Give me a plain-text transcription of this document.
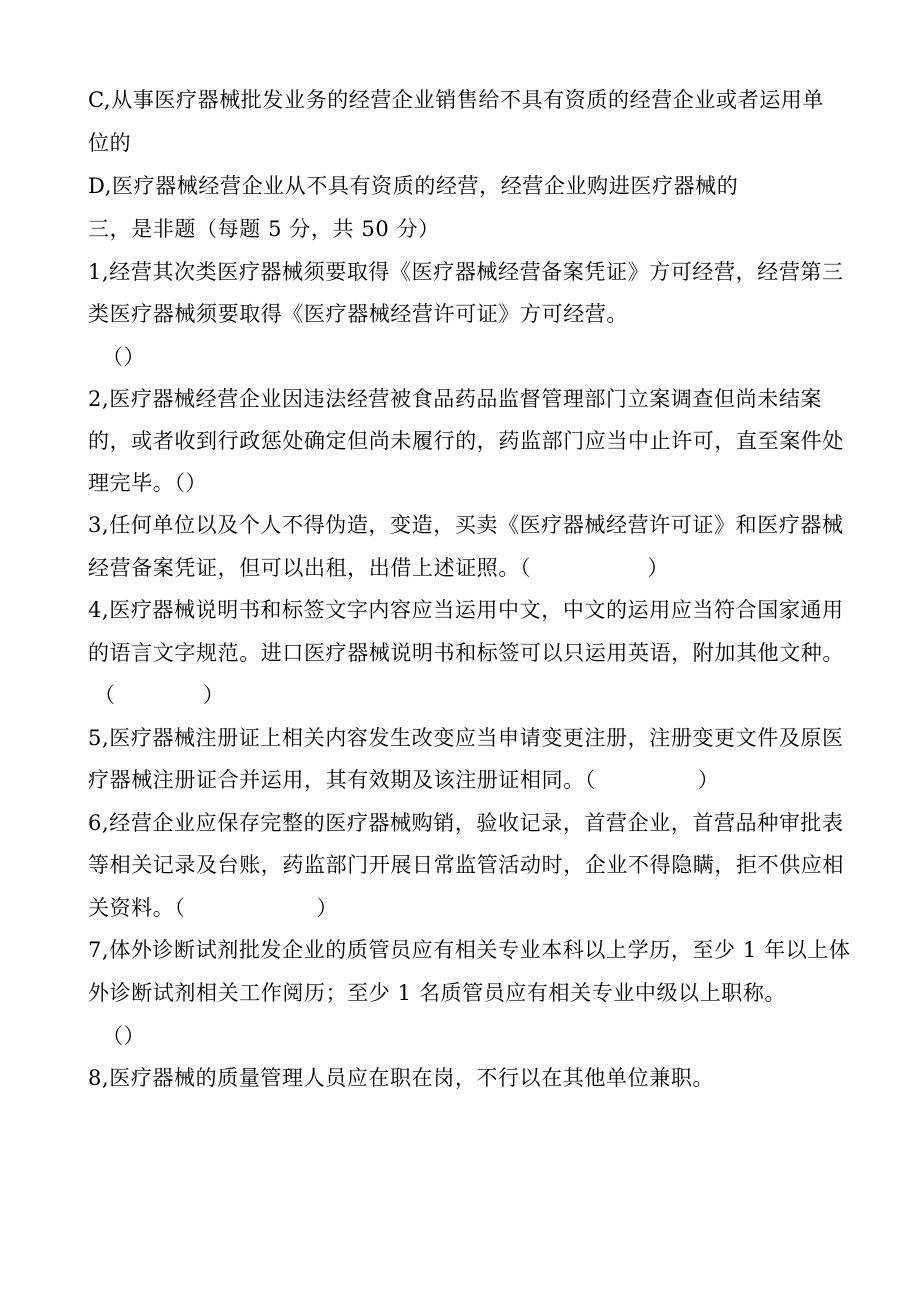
C,从事医疗器械批发业务的经营企业销售给不具有资质的经营企业或者运用单
位的
D,医疗器械经营企业从不具有资质的经营，经营企业购进医疗器械的
三，是非题（每题 5 分，共 50 分）
1,经营其次类医疗器械须要取得《医疗器械经营备案凭证》方可经营，经营第三
类医疗器械须要取得《医疗器械经营许可证》方可经营。
（）
2,医疗器械经营企业因违法经营被食品药品监督管理部门立案调查但尚未结案
的，或者收到行政惩处确定但尚未履行的，药监部门应当中止许可，直至案件处
理完毕。（）
3,任何单位以及个人不得伪造，变造，买卖《医疗器械经营许可证》和医疗器械
经营备案凭证，但可以出租，出借上述证照。（                ）
4,医疗器械说明书和标签文字内容应当运用中文，中文的运用应当符合国家通用
的语言文字规范。进口医疗器械说明书和标签可以只运用英语，附加其他文种。
（            ）
5,医疗器械注册证上相关内容发生改变应当申请变更注册，注册变更文件及原医
疗器械注册证合并运用，其有效期及该注册证相同。（              ）
6,经营企业应保存完整的医疗器械购销，验收记录，首营企业，首营品种审批表
等相关记录及台账，药监部门开展日常监管活动时，企业不得隐瞒，拒不供应相
关资料。（                  ）
7,体外诊断试剂批发企业的质管员应有相关专业本科以上学历，至少 1 年以上体
外诊断试剂相关工作阅历；至少 1 名质管员应有相关专业中级以上职称。
（）
8,医疗器械的质量管理人员应在职在岗，不行以在其他单位兼职。
